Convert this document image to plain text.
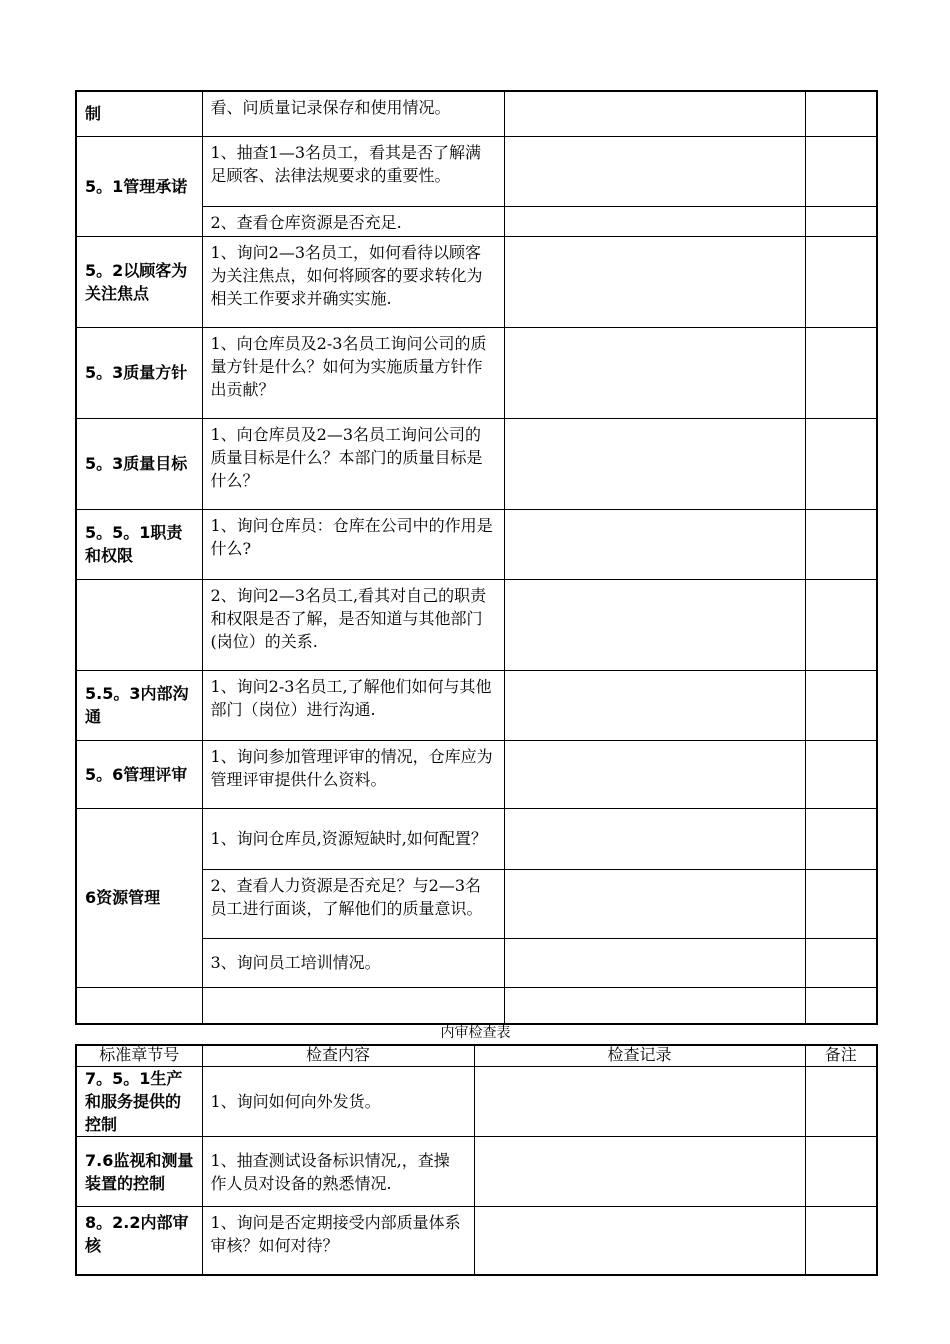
制	看、问质量记录保存和使用情况。		
5。1管理承诺	1、抽查1—3名员工，看其是否了解满足顾客、法律法规要求的重要性。		
	2、查看仓库资源是否充足.		
5。2以顾客为关注焦点	1、询问2—3名员工，如何看待以顾客为关注焦点，如何将顾客的要求转化为相关工作要求并确实实施.		
5。3质量方针	1、向仓库员及2-3名员工询问公司的质量方针是什么？如何为实施质量方针作出贡献？		
5。3质量目标	1、向仓库员及2—3名员工询问公司的质量目标是什么？本部门的质量目标是什么？		
5。5。1职责和权限	1、询问仓库员：仓库在公司中的作用是什么?		
	2、询问2—3名员工,看其对自己的职责和权限是否了解，是否知道与其他部门(岗位）的关系.		
5.5。3内部沟通	1、询问2-3名员工,了解他们如何与其他部门（岗位）进行沟通.		
5。6管理评审	1、询问参加管理评审的情况，仓库应为管理评审提供什么资料。		
6资源管理	1、询问仓库员,资源短缺时,如何配置？		
	2、查看人力资源是否充足？与2—3名员工进行面谈，了解他们的质量意识。		
	3、询问员工培训情况。		

内审检查表
标准章节号	检查内容	检查记录	备注
7。5。1生产和服务提供的控制	1、询问如何向外发货。		
7.6监视和测量装置的控制	1、抽查测试设备标识情况,，查操作人员对设备的熟悉情况.		
8。2.2内部审核	1、询问是否定期接受内部质量体系审核？如何对待？		
